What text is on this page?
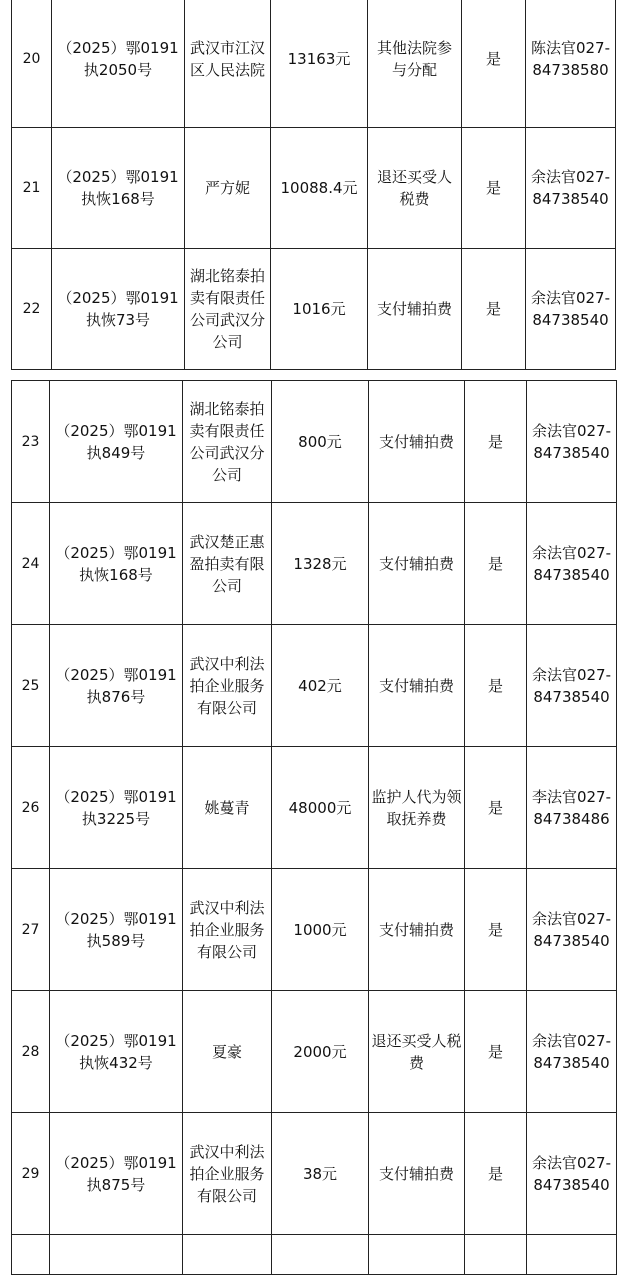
20	（2025）鄂0191执2050号	武汉市江汉区人民法院	13163元	其他法院参与分配	是	陈法官027-84738580
21	（2025）鄂0191执恢168号	严方妮	10088.4元	退还买受人税费	是	余法官027-84738540
22	（2025）鄂0191执恢73号	湖北铭泰拍卖有限责任公司武汉分公司	1016元	支付辅拍费	是	余法官027-84738540
23	（2025）鄂0191执849号	湖北铭泰拍卖有限责任公司武汉分公司	800元	支付辅拍费	是	余法官027-84738540
24	（2025）鄂0191执恢168号	武汉楚正惠盈拍卖有限公司	1328元	支付辅拍费	是	余法官027-84738540
25	（2025）鄂0191执876号	武汉中利法拍企业服务有限公司	402元	支付辅拍费	是	余法官027-84738540
26	（2025）鄂0191执3225号	姚蔓青	48000元	监护人代为领取抚养费	是	李法官027-84738486
27	（2025）鄂0191执589号	武汉中利法拍企业服务有限公司	1000元	支付辅拍费	是	余法官027-84738540
28	（2025）鄂0191执恢432号	夏豪	2000元	退还买受人税费	是	余法官027-84738540
29	（2025）鄂0191执875号	武汉中利法拍企业服务有限公司	38元	支付辅拍费	是	余法官027-84738540
